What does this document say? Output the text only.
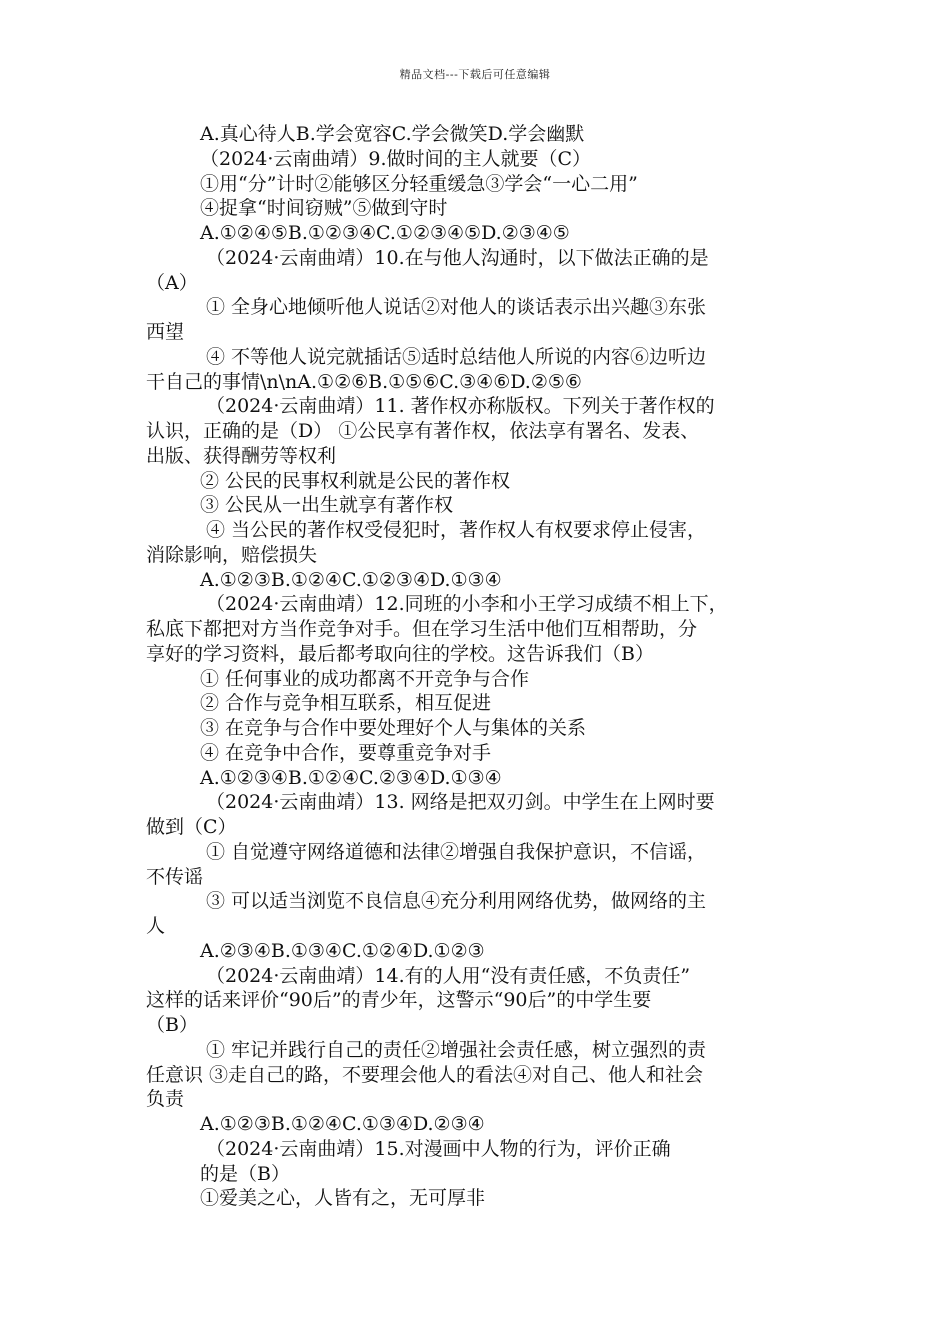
精品文档---下载后可任意编辑
A.真心待人B.学会宽容C.学会微笑D.学会幽默
（2024·云南曲靖）9.做时间的主人就要（C）
①用“分”计时②能够区分轻重缓急③学会“一心二用”
④捉拿“时间窃贼”⑤做到守时
A.①②④⑤B.①②③④C.①②③④⑤D.②③④⑤
（2024·云南曲靖）10.在与他人沟通时，以下做法正确的是
（A）
① 全身心地倾听他人说话②对他人的谈话表示出兴趣③东张
西望
④ 不等他人说完就插话⑤适时总结他人所说的内容⑥边听边
干自己的事情\n\nA.①②⑥B.①⑤⑥C.③④⑥D.②⑤⑥
（2024·云南曲靖）11. 著作权亦称版权。下列关于著作权的
认识，正确的是（D） ①公民享有著作权，依法享有署名、发表、
出版、获得酬劳等权利
② 公民的民事权利就是公民的著作权
③ 公民从一出生就享有著作权
④ 当公民的著作权受侵犯时，著作权人有权要求停止侵害，
消除影响，赔偿损失
A.①②③B.①②④C.①②③④D.①③④
（2024·云南曲靖）12.同班的小李和小王学习成绩不相上下，
私底下都把对方当作竞争对手。但在学习生活中他们互相帮助，分
享好的学习资料，最后都考取向往的学校。这告诉我们（B）
① 任何事业的成功都离不开竞争与合作
② 合作与竞争相互联系，相互促进
③ 在竞争与合作中要处理好个人与集体的关系
④ 在竞争中合作，要尊重竞争对手
A.①②③④B.①②④C.②③④D.①③④
（2024·云南曲靖）13. 网络是把双刃剑。中学生在上网时要
做到（C）
① 自觉遵守网络道德和法律②增强自我保护意识，不信谣，
不传谣
③ 可以适当浏览不良信息④充分利用网络优势，做网络的主
人
A.②③④B.①③④C.①②④D.①②③
（2024·云南曲靖）14.有的人用“没有责任感，不负责任”
这样的话来评价“90后”的青少年，这警示“90后”的中学生要
（B）
① 牢记并践行自己的责任②增强社会责任感，树立强烈的责
任意识 ③走自己的路，不要理会他人的看法④对自己、他人和社会
负责
A.①②③B.①②④C.①③④D.②③④
（2024·云南曲靖）15.对漫画中人物的行为，评价正确
的是（B）
①爱美之心，人皆有之，无可厚非
